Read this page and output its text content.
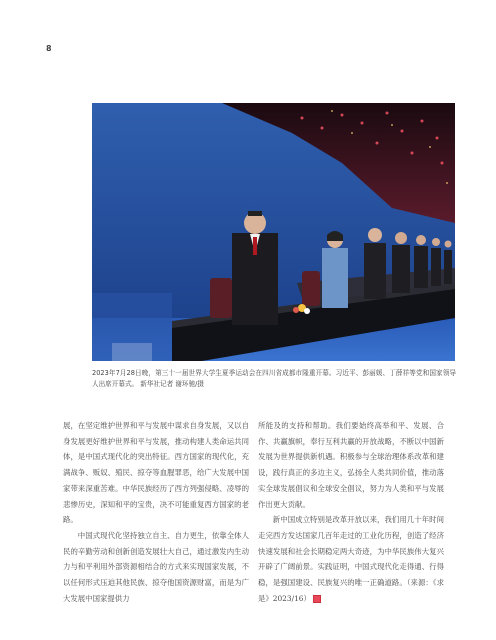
8
2023年7月28日晚，第三十一届世界大学生夏季运动会在四川省成都市隆重开幕。习近平、彭丽媛、丁薛祥等党和国家领导人出席开幕式。 新华社记者 谢环驰/摄

展，在坚定维护世界和平与发展中谋求自身发展，又以自身发展更好维护世界和平与发展，推动构建人类命运共同体，是中国式现代化的突出特征。西方国家的现代化，充满战争、贩奴、殖民、掠夺等血腥罪恶，给广大发展中国家带来深重苦难。中华民族经历了西方列强侵略、凌辱的悲惨历史，深知和平的宝贵，决不可能重复西方国家的老路。

中国式现代化坚持独立自主、自力更生，依靠全体人民的辛勤劳动和创新创造发展壮大自己，通过激发内生动力与和平利用外部资源相结合的方式来实现国家发展，不以任何形式压迫其他民族、掠夺他国资源财富，而是为广大发展中国家提供力

所能及的支持和帮助。我们要始终高举和平、发展、合作、共赢旗帜，奉行互利共赢的开放战略，不断以中国新发展为世界提供新机遇。积极参与全球治理体系改革和建设，践行真正的多边主义，弘扬全人类共同价值，推动落实全球发展倡议和全球安全倡议，努力为人类和平与发展作出更大贡献。

新中国成立特别是改革开放以来，我们用几十年时间走完西方发达国家几百年走过的工业化历程，创造了经济快速发展和社会长期稳定两大奇迹，为中华民族伟大复兴开辟了广阔前景。实践证明，中国式现代化走得通、行得稳，是强国建设、民族复兴的唯一正确道路。（来源：《求是》2023/16）
